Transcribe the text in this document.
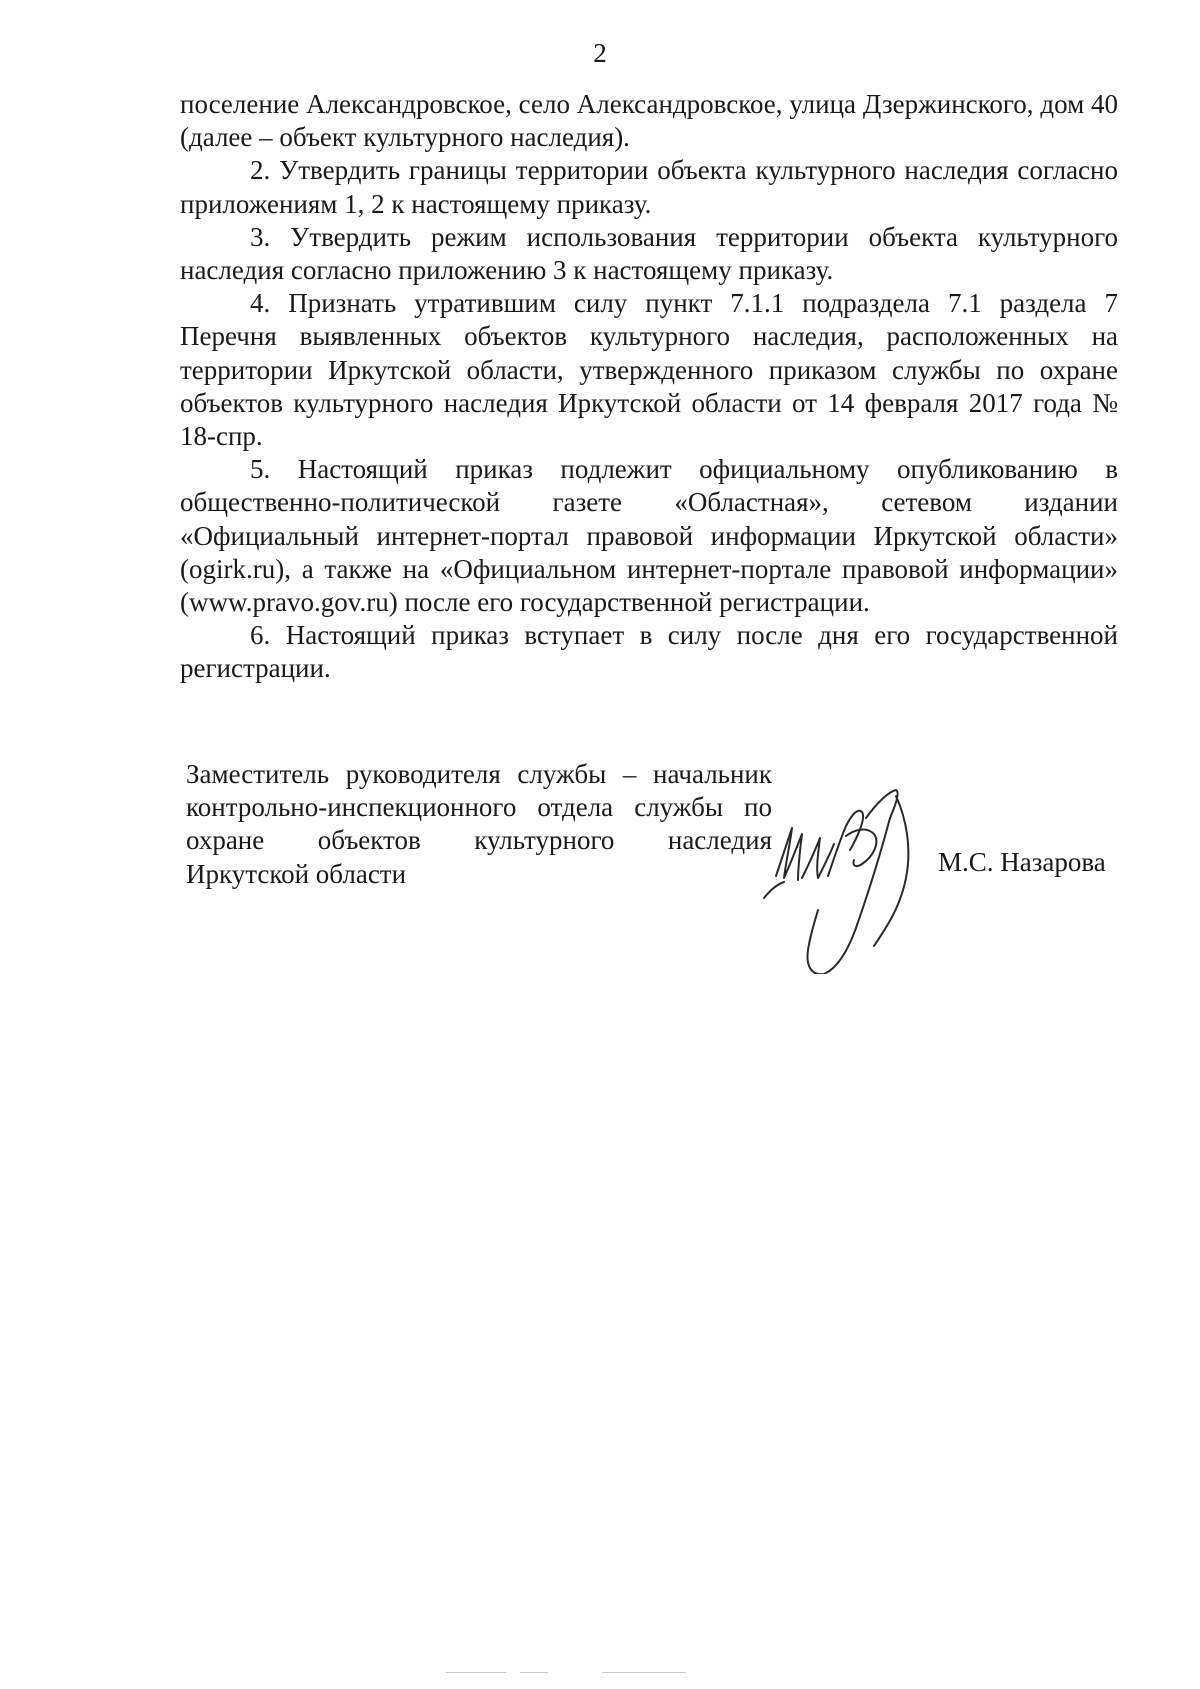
2

поселение Александровское, село Александровское, улица Дзержинского, дом 40 (далее – объект культурного наследия).

2. Утвердить границы территории объекта культурного наследия согласно приложениям 1, 2 к настоящему приказу.

3. Утвердить режим использования территории объекта культурного наследия согласно приложению 3 к настоящему приказу.

4. Признать утратившим силу пункт 7.1.1 подраздела 7.1 раздела 7 Перечня выявленных объектов культурного наследия, расположенных на территории Иркутской области, утвержденного приказом службы по охране объектов культурного наследия Иркутской области от 14 февраля 2017 года № 18-спр.

5. Настоящий приказ подлежит официальному опубликованию в общественно-политической газете «Областная», сетевом издании «Официальный интернет-портал правовой информации Иркутской области» (ogirk.ru), а также на «Официальном интернет-портале правовой информации» (www.pravo.gov.ru) после его государственной регистрации.

6. Настоящий приказ вступает в силу после дня его государственной регистрации.

Заместитель руководителя службы – начальник
контрольно-инспекционного отдела службы по
охране объектов культурного наследия
Иркутской области	М.С. Назарова
